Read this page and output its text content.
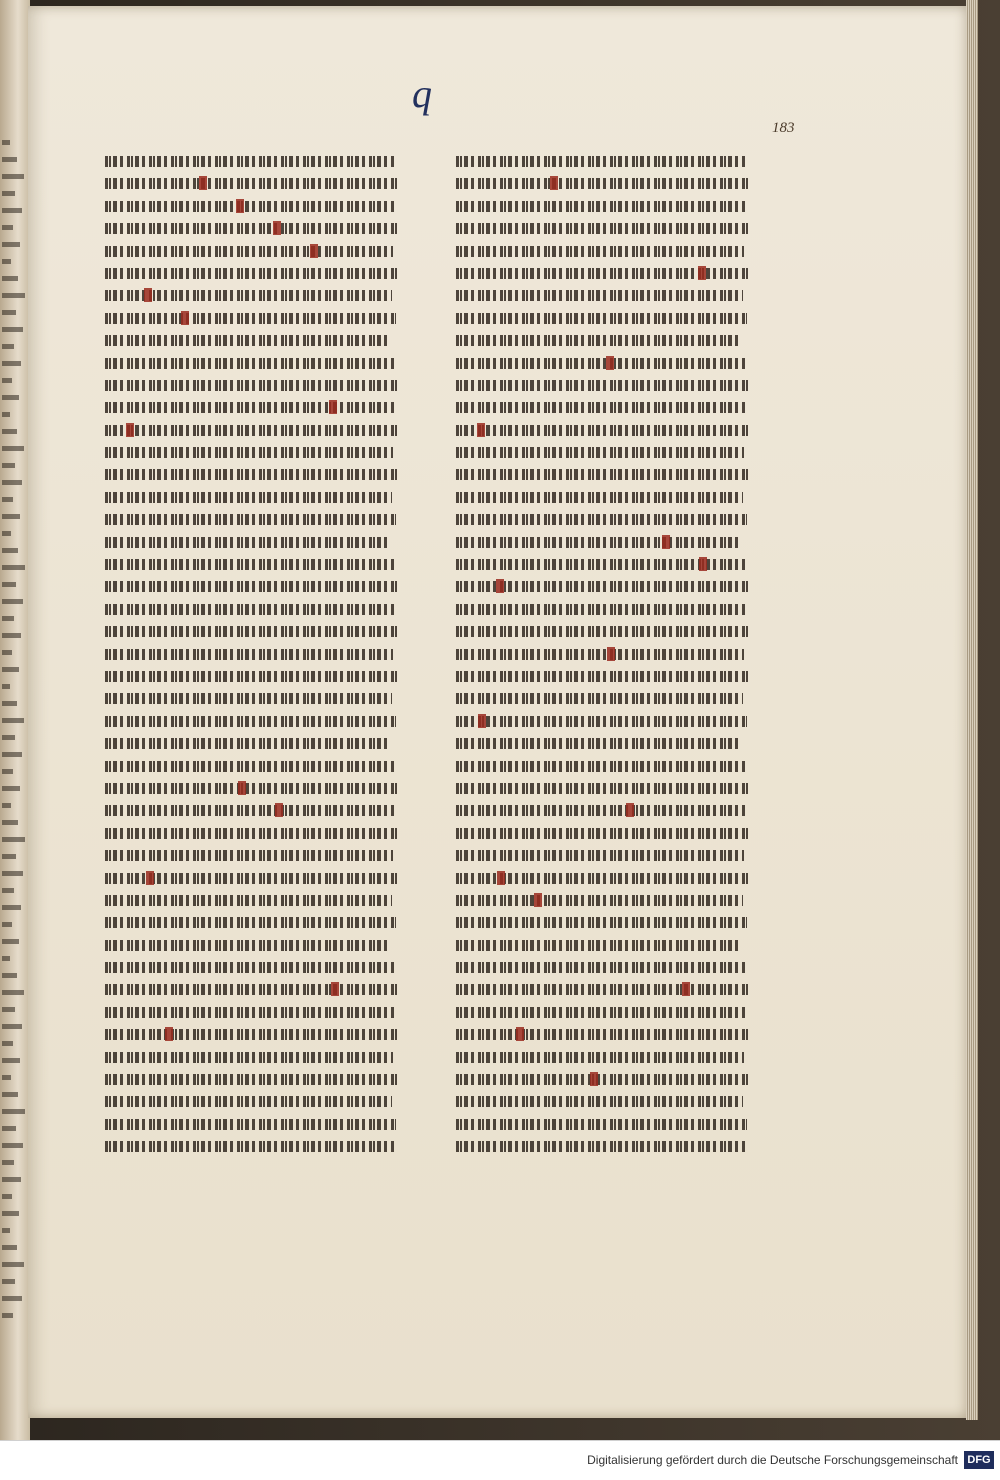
q
183
Digitalisierung gefördert durch die Deutsche Forschungsgemeinschaft DFG
